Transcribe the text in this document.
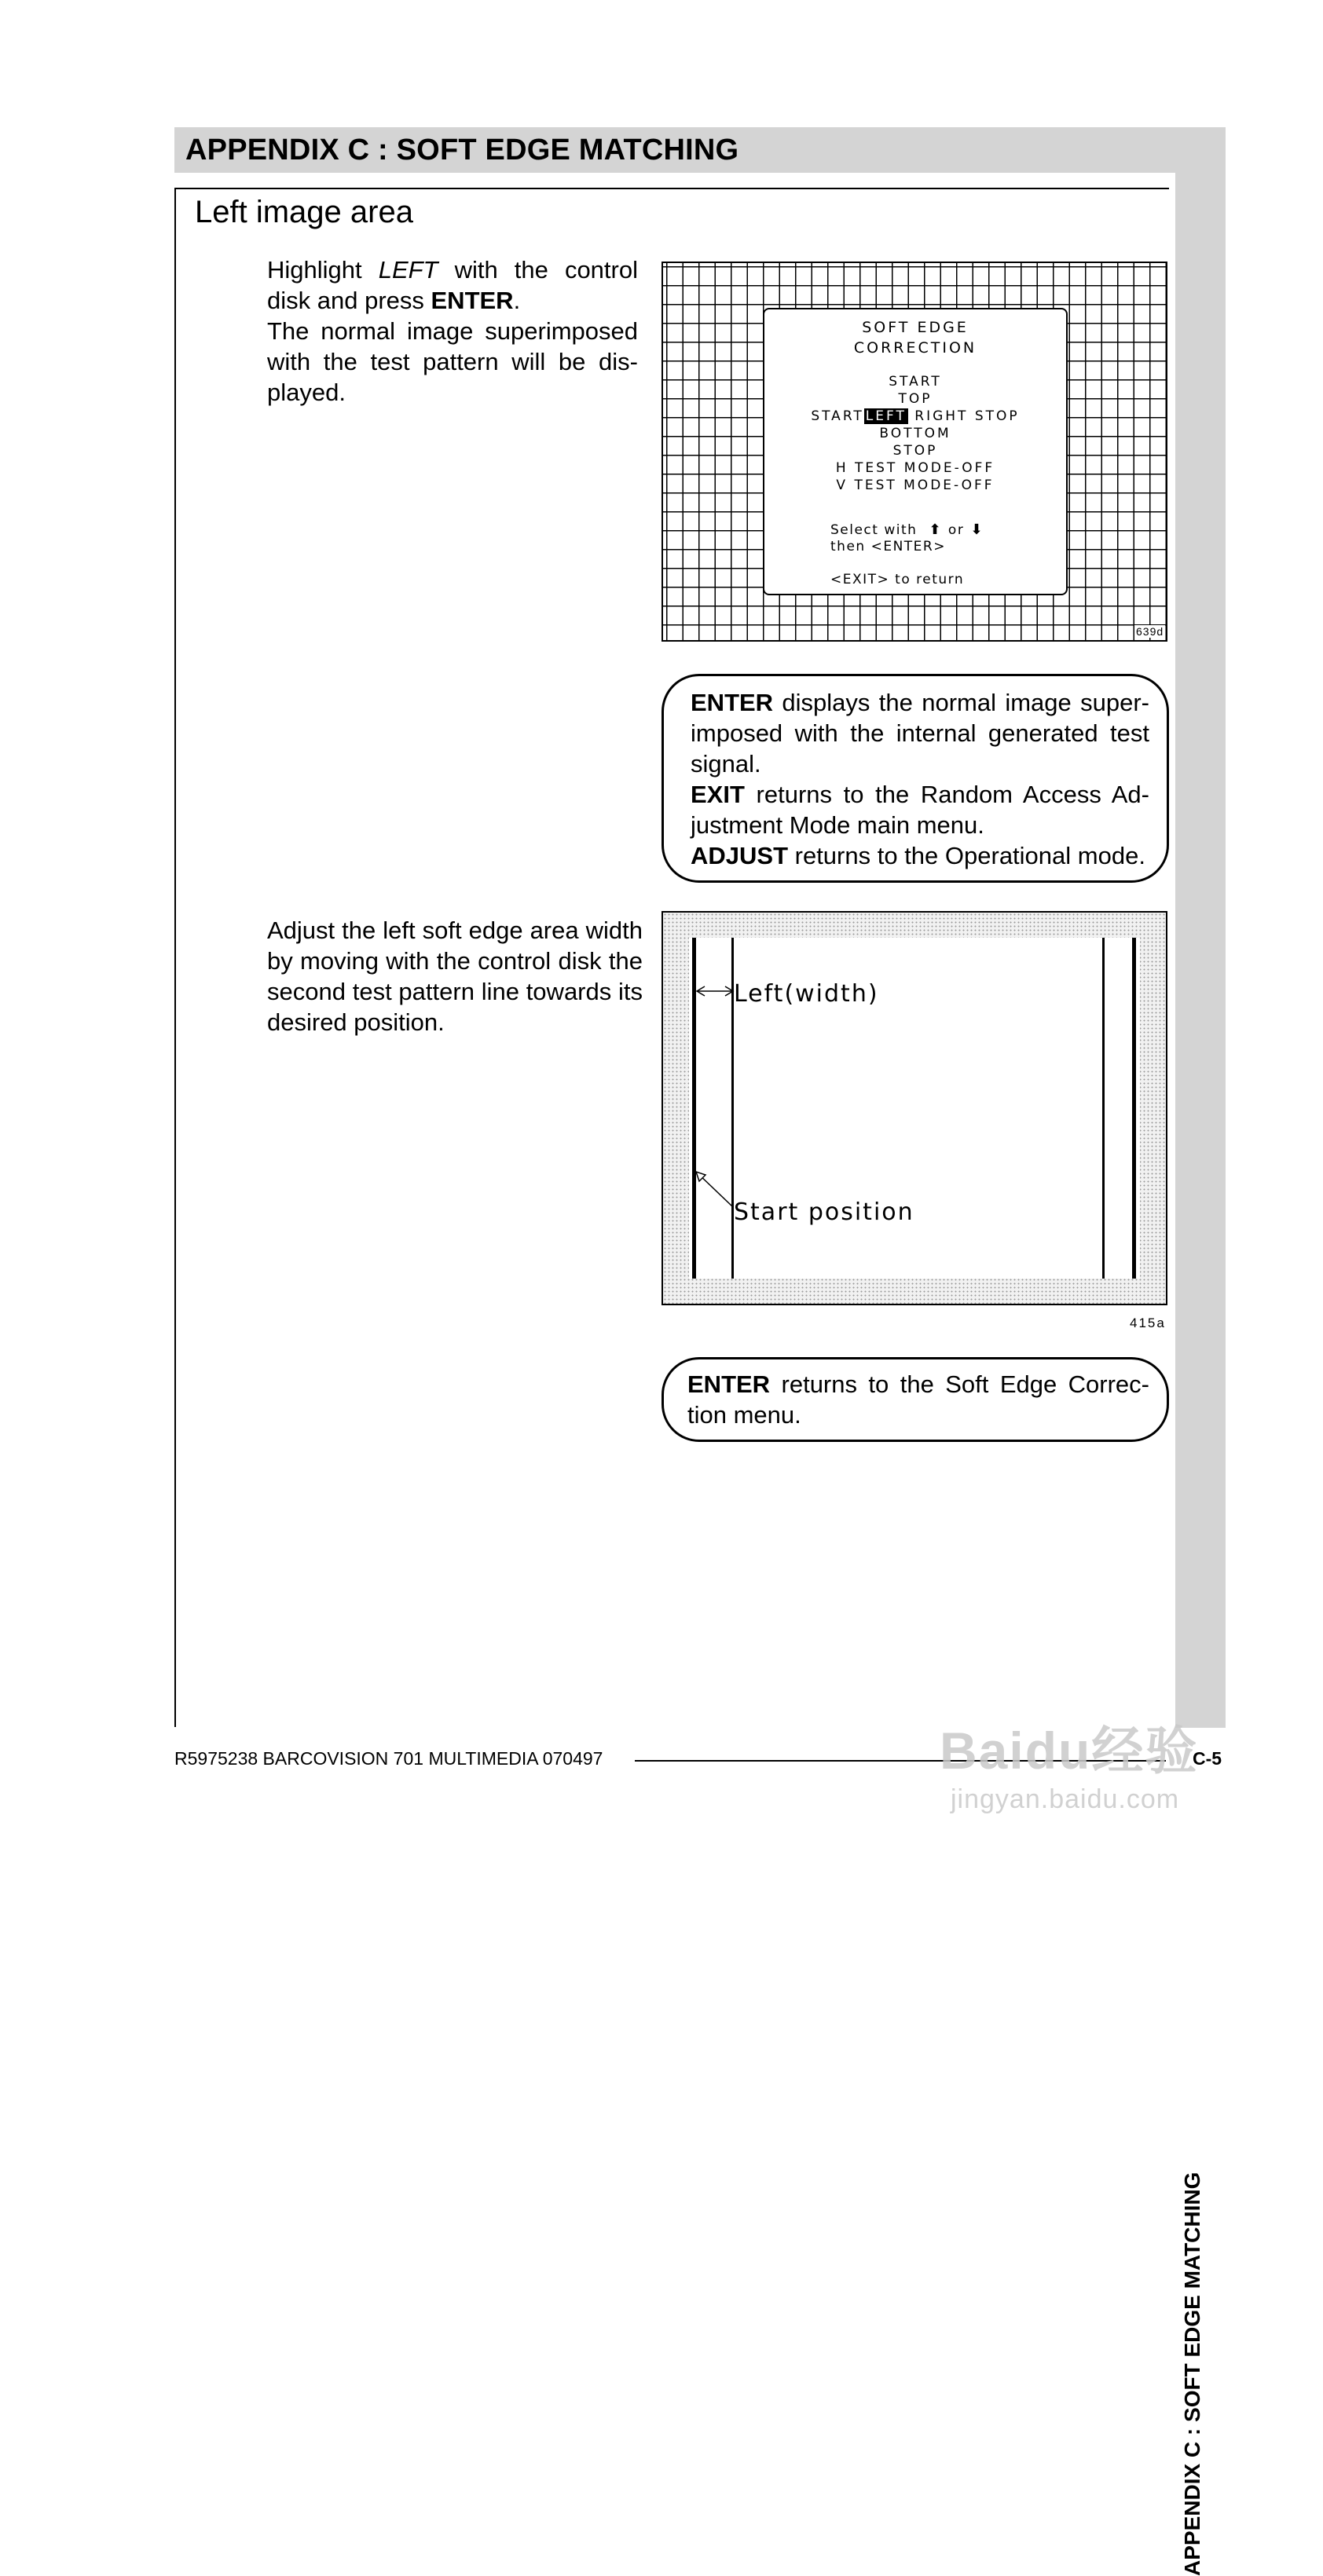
APPENDIX C : SOFT EDGE MATCHING
APPENDIX C : SOFT EDGE MATCHING
Left image area
Highlight LEFT with the control disk and press ENTER.
The normal image superimposed with the test pattern will be dis-played.
SOFT EDGE
CORRECTION
START
TOP
START LEFT RIGHT STOP
BOTTOM
STOP
H TEST MODE-OFF
V TEST MODE-OFF
Select with ⬆ or ⬇
then <ENTER>
<EXIT> to return
639d
ENTER displays the normal image super-imposed with the internal generated test signal.
EXIT returns to the Random Access Ad-justment Mode main menu.
ADJUST returns to the Operational mode.
Adjust the left soft edge area width by moving with the control disk the second test pattern line towards its desired position.
Left(width)
Start position
415a
ENTER returns to the Soft Edge Correc-tion menu.
R5975238 BARCOVISION 701 MULTIMEDIA 070497	C-5
Baidu经验
jingyan.baidu.com
